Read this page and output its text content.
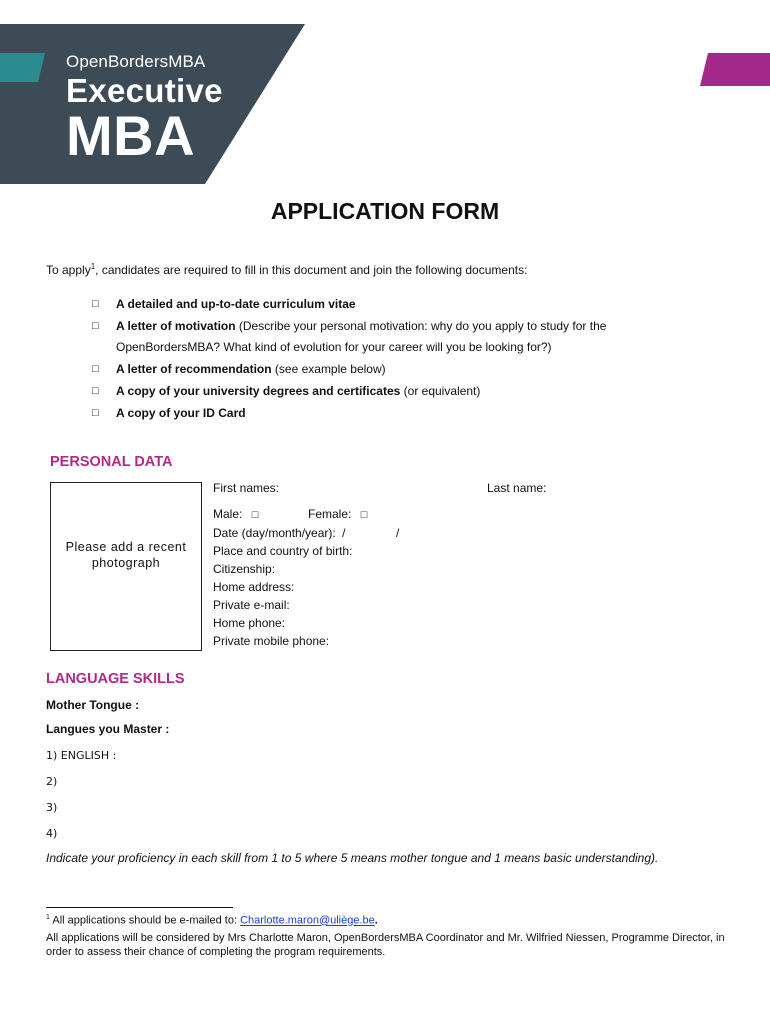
OpenBordersMBA
Executive
MBA
APPLICATION FORM
To apply$^1$, candidates are required to fill in this document and join the following documents:
□ A detailed and up-to-date curriculum vitae
□ A letter of motivation (Describe your personal motivation: why do you apply to study for the
OpenBordersMBA? What kind of evolution for your career will you be looking for?)
□ A letter of recommendation (see example below)
□ A copy of your university degrees and certificates (or equivalent)
□ A copy of your ID Card
PERSONAL DATA
Please add a recent photograph
First names:	Last name:
Male: □	Female: □
Date (day/month/year): /	/
Place and country of birth:
Citizenship:
Home address:
Private e-mail:
Home phone:
Private mobile phone:
LANGUAGE SKILLS
Mother Tongue :
Langues you Master :
1) ENGLISH :
2)
3)
4)
Indicate your proficiency in each skill from 1 to 5 where 5 means mother tongue and 1 means basic understanding).
$^1$ All applications should be e-mailed to: Charlotte.maron@uliège.be.
All applications will be considered by Mrs Charlotte Maron, OpenBordersMBA Coordinator and Mr. Wilfried Niessen, Programme Director, in order to assess their chance of completing the program requirements.
